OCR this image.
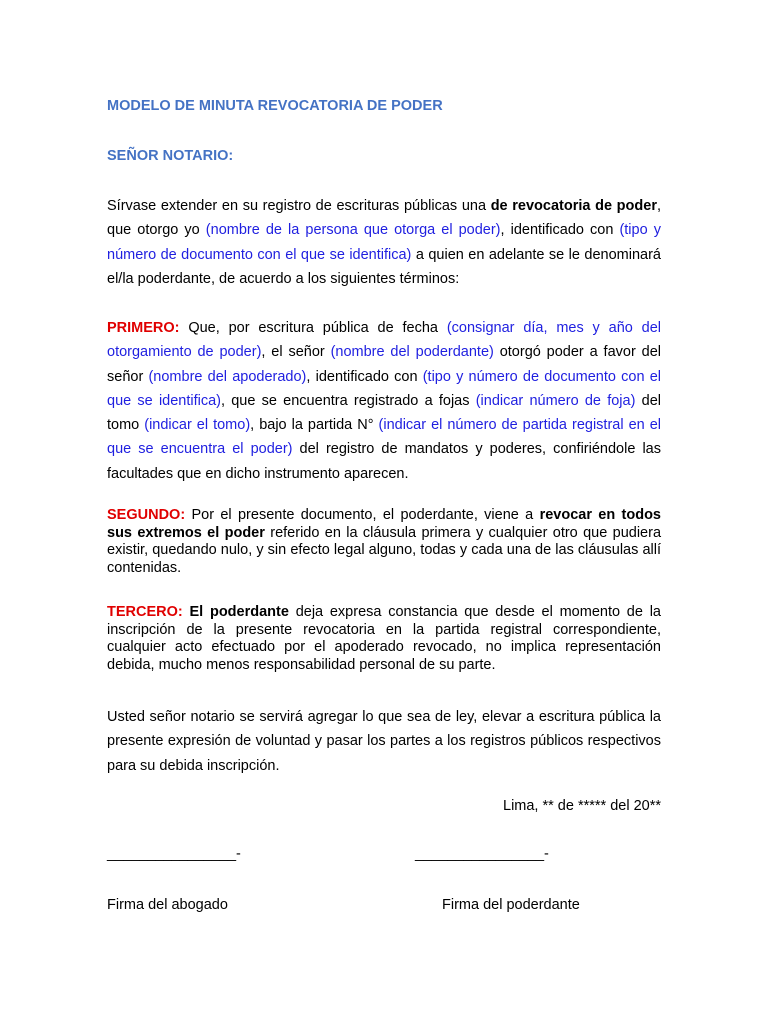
MODELO DE MINUTA REVOCATORIA DE PODER
SEÑOR NOTARIO:

Sírvase extender en su registro de escrituras públicas una de revocatoria de poder, que otorgo yo (nombre de la persona que otorga el poder), identificado con (tipo y número de documento con el que se identifica) a quien en adelante se le denominará el/la poderdante, de acuerdo a los siguientes términos:

PRIMERO: Que, por escritura pública de fecha (consignar día, mes y año del otorgamiento de poder), el señor (nombre del poderdante) otorgó poder a favor del señor (nombre del apoderado), identificado con (tipo y número de documento con el que se identifica), que se encuentra registrado a fojas (indicar número de foja) del tomo (indicar el tomo), bajo la partida N° (indicar el número de partida registral en el que se encuentra el poder) del registro de mandatos y poderes, confiriéndole las facultades que en dicho instrumento aparecen.

SEGUNDO: Por el presente documento, el poderdante, viene a revocar en todos sus extremos el poder referido en la cláusula primera y cualquier otro que pudiera existir, quedando nulo, y sin efecto legal alguno, todas y cada una de las cláusulas allí contenidas.

TERCERO: El poderdante deja expresa constancia que desde el momento de la inscripción de la presente revocatoria en la partida registral correspondiente, cualquier acto efectuado por el apoderado revocado, no implica representación debida, mucho menos responsabilidad personal de su parte.

Usted señor notario se servirá agregar lo que sea de ley, elevar a escritura pública la presente expresión de voluntad y pasar los partes a los registros públicos respectivos para su debida inscripción.

Lima, ** de ***** del 20**

________________-	________________-

Firma del abogado	Firma del poderdante
